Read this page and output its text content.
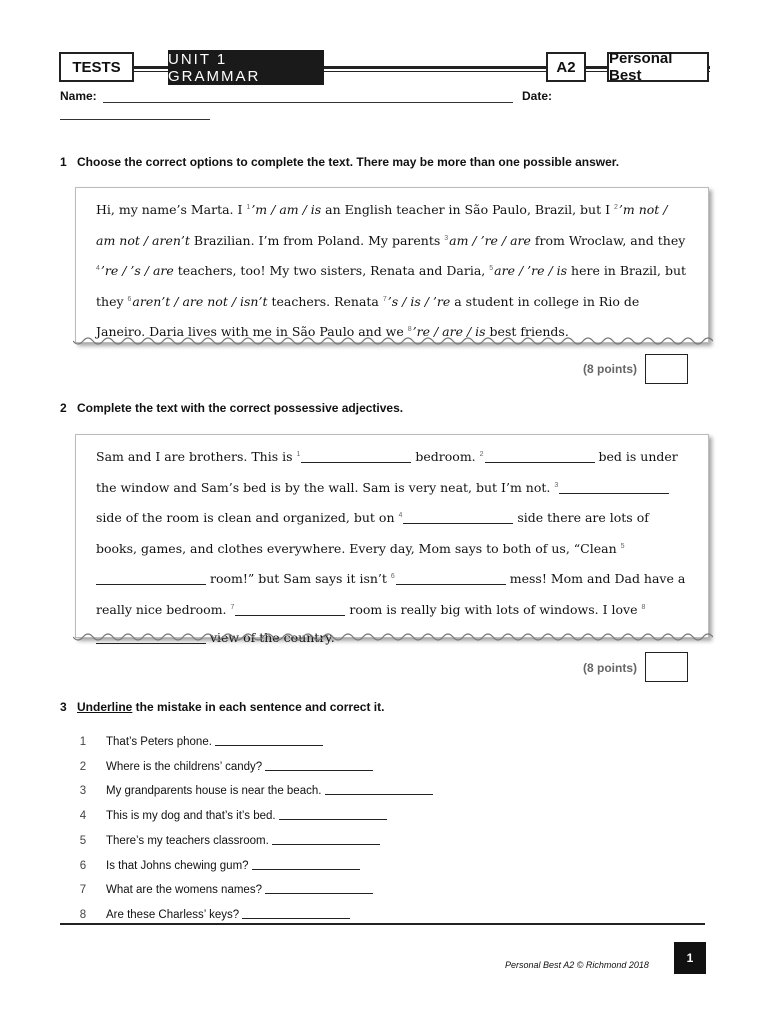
TESTS	UNIT 1 GRAMMAR
A2	Personal Best
Name:	Date:
1 Choose the correct options to complete the text. There may be more than one possible answer.
Hi, my name’s Marta. I $^1$’m / am / is an English teacher in São Paulo, Brazil, but I $^2$’m not / am not / aren’t Brazilian. I’m from Poland. My parents $^3$am / ’re / are from Wroclaw, and they $^4$’re / ’s / are teachers, too! My two sisters, Renata and Daria, $^5$are / ’re / is here in Brazil, but they $^6$aren’t / are not / isn’t teachers. Renata $^7$’s / is / ’re a student in college in Rio de Janeiro. Daria lives with me in São Paulo and we $^8$’re / are / is best friends.
(8 points)
2 Complete the text with the correct possessive adjectives.
Sam and I are brothers. This is $^1$	bedroom. $^2$	bed is under the window and Sam’s bed is by the wall. Sam is very neat, but I’m not. $^3$ side of the room is clean and organized, but on $^4$	side there are lots of books, games, and clothes everywhere. Every day, Mom says to both of us, “Clean $^5$ room!” but Sam says it isn’t $^6$	mess! Mom and Dad have a really nice bedroom. $^7$	room is really big with lots of windows. I love $^8$ view of the country.
(8 points)
3 Underline the mistake in each sentence and correct it.
1 That’s Peters phone.
2 Where is the childrens’ candy?
3 My grandparents house is near the beach.
4 This is my dog and that’s it’s bed.
5 There’s my teachers classroom.
6 Is that Johns chewing gum?
7 What are the womens names?
8 Are these Charless’ keys?
Personal Best A2 © Richmond 2018	1
